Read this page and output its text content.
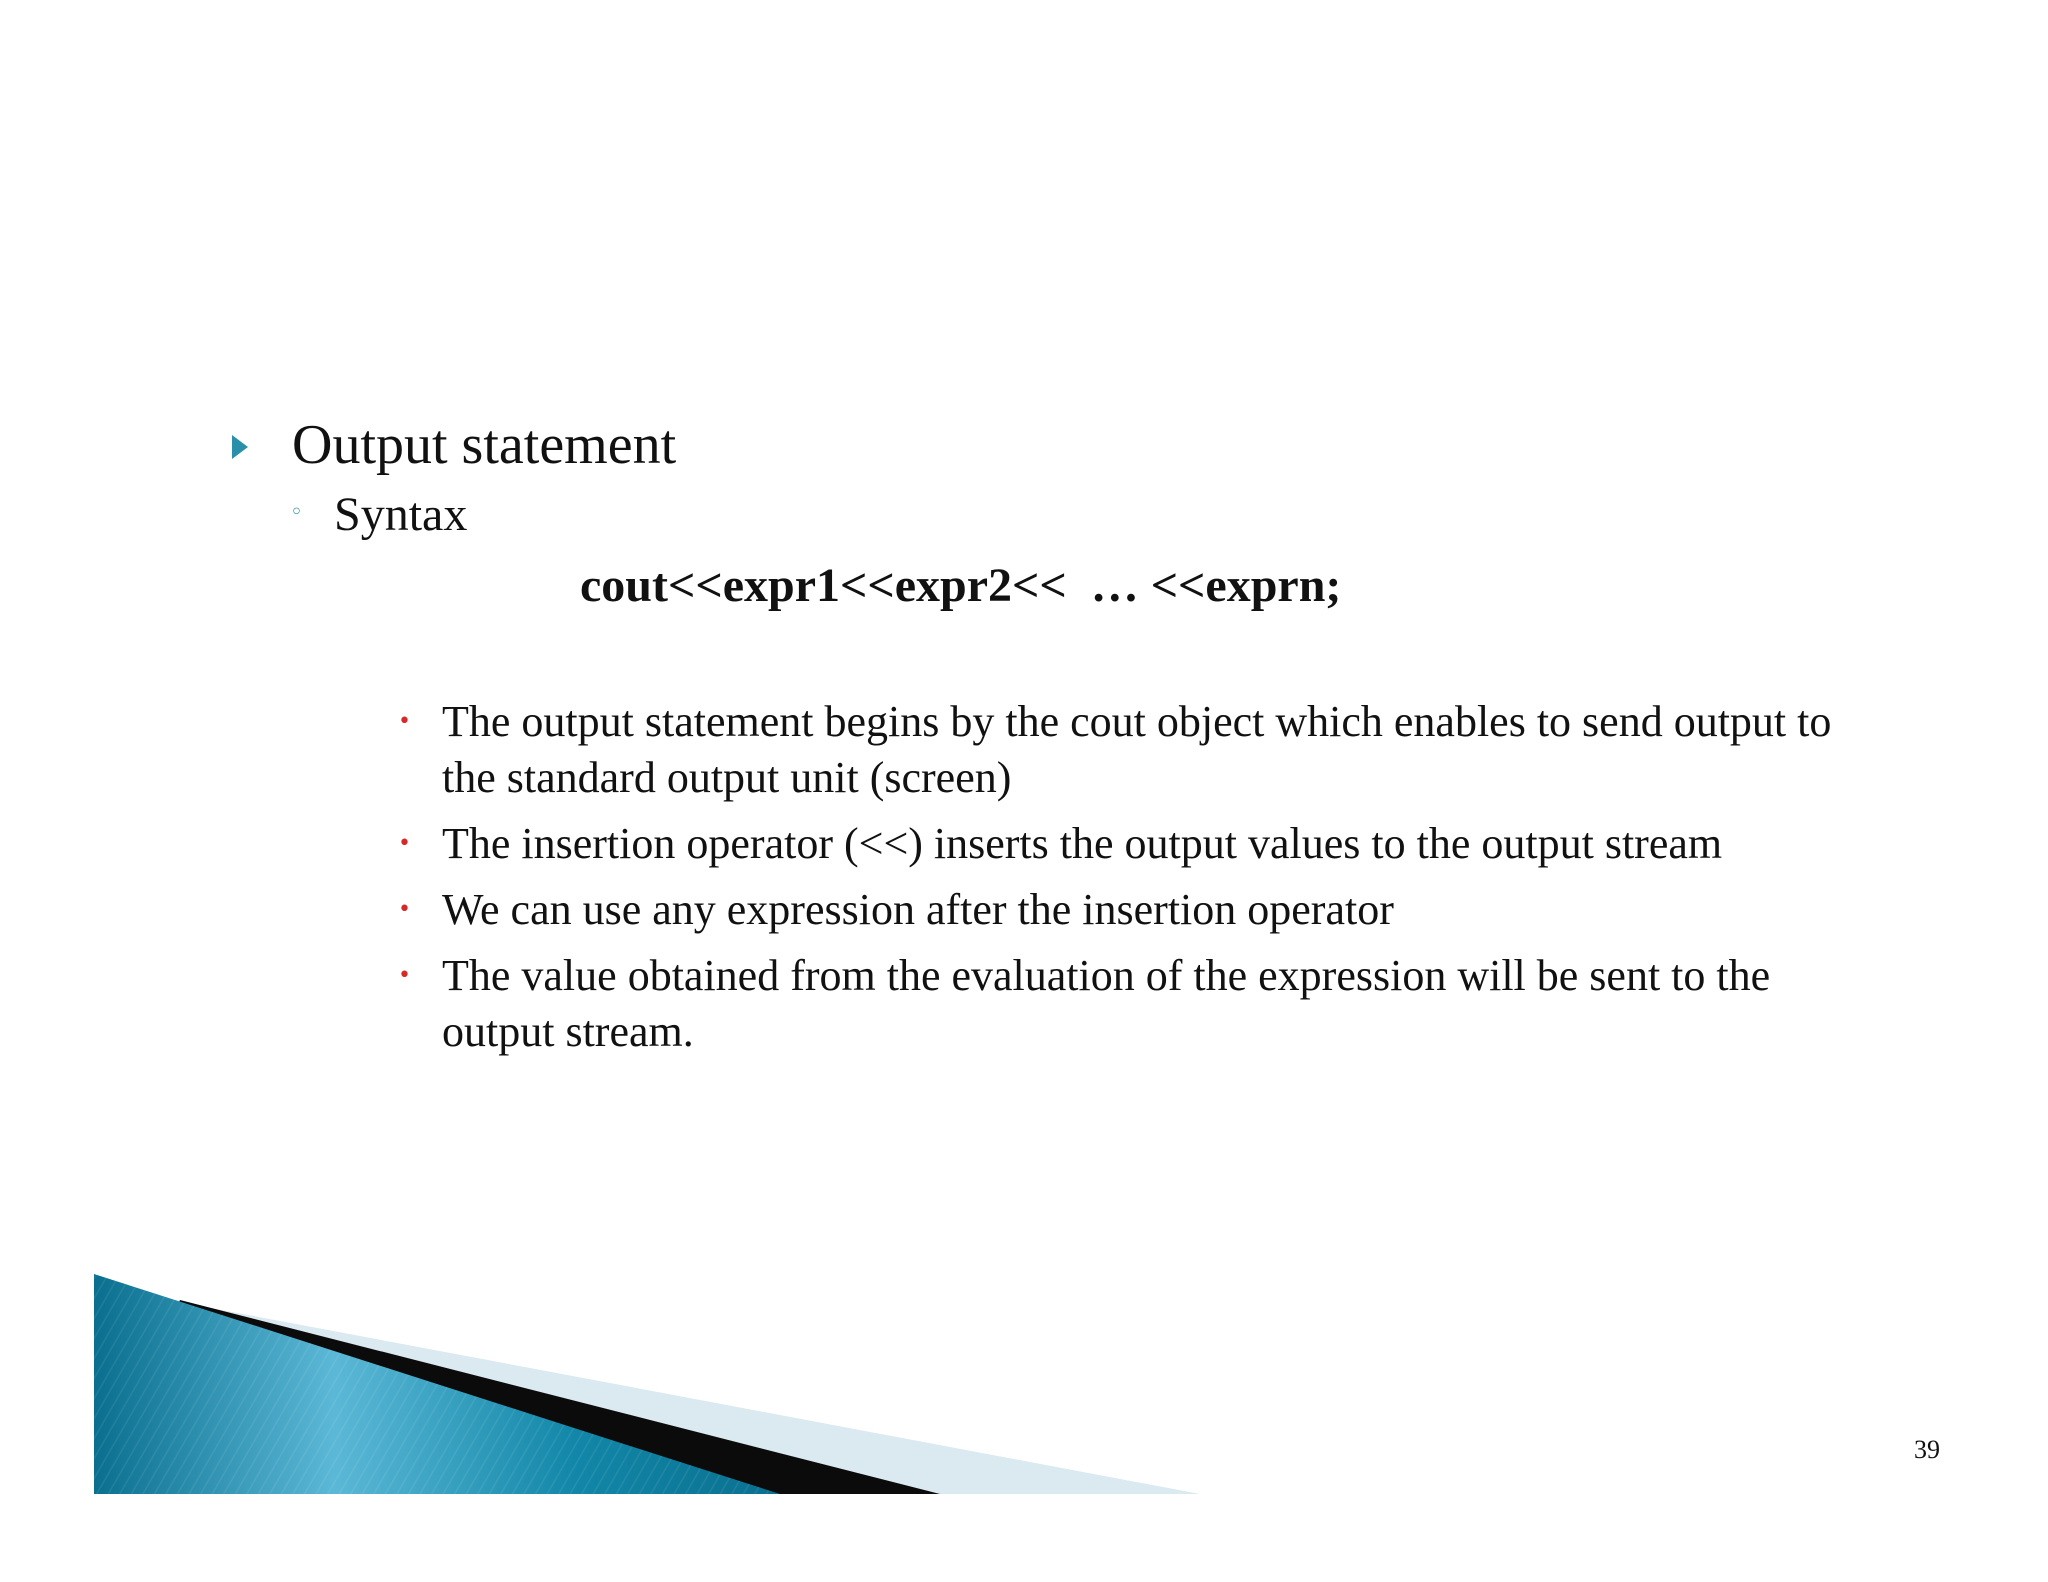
Output statement
◦ Syntax
cout<<expr1<<expr2<<  … <<exprn;
• The output statement begins by the cout object which enables to send output to the standard output unit (screen)
• The insertion operator (<<) inserts the output values to the output stream
• We can use any expression after the insertion operator
• The value obtained from the evaluation of the expression will be sent to the output stream.
39
